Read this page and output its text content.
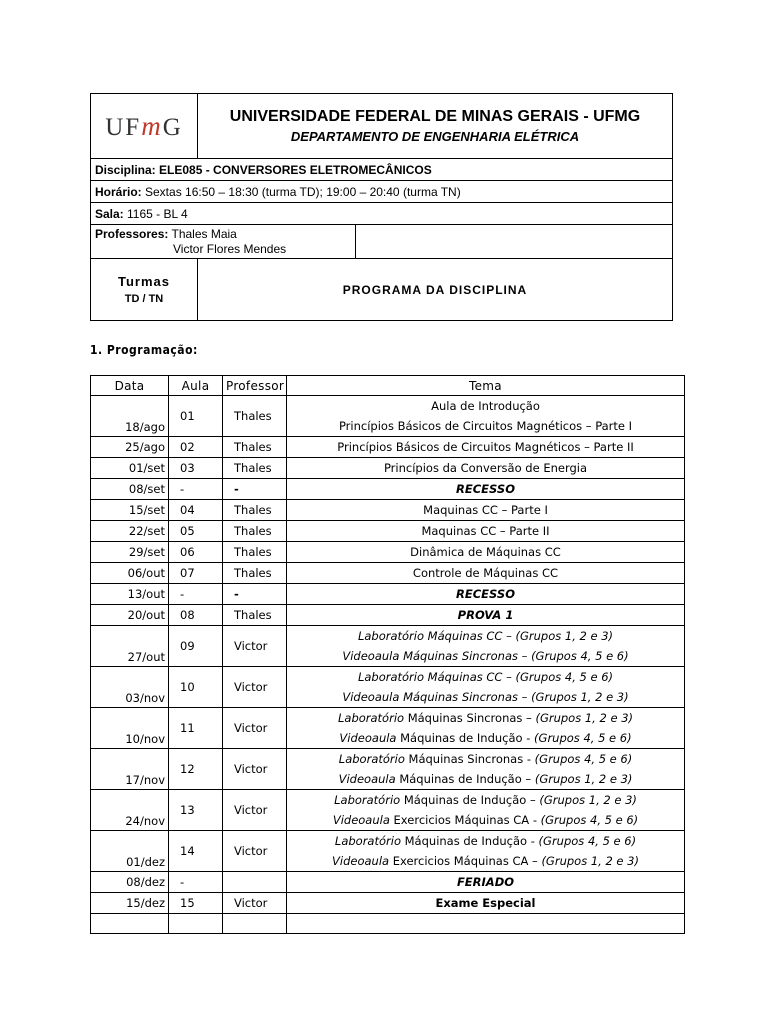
UFmG	UNIVERSIDADE FEDERAL DE MINAS GERAIS - UFMG
DEPARTAMENTO DE ENGENHARIA ELÉTRICA	

Disciplina: ELE085 - CONVERSORES ELETROMECÂNICOS		
Horário: Sextas 16:50 – 18:30 (turma TD); 19:00 – 20:40 (turma TN)		
Sala: 1165 - BL 4		
Professores: Thales Maia
Victor Flores Mendes		

Turmas
TD / TN	PROGRAMA DA DISCIPLINA	
1. Programação:
Data	Aula	Professor	Tema
18/ago	01	Thales	Aula de Introdução
Princípios Básicos de Circuitos Magnéticos – Parte I

25/ago	02	Thales	Princípios Básicos de Circuitos Magnéticos – Parte II

01/set	03	Thales	Princípios da Conversão de Energia

08/set	-	-	RECESSO

15/set	04	Thales	Maquinas CC – Parte I

22/set	05	Thales	Maquinas CC – Parte II

29/set	06	Thales	Dinâmica de Máquinas CC

06/out	07	Thales	Controle de Máquinas CC

13/out	-	-	RECESSO

20/out	08	Thales	PROVA 1

27/out	09	Victor	Laboratório Máquinas CC – (Grupos 1, 2 e 3)
Videoaula Máquinas Sincronas – (Grupos 4, 5 e 6)

03/nov	10	Victor	Laboratório Máquinas CC – (Grupos 4, 5 e 6)
Videoaula Máquinas Sincronas – (Grupos 1, 2 e 3)

10/nov	11	Victor	Laboratório Máquinas Sincronas – (Grupos 1, 2 e 3)
Videoaula Máquinas de Indução - (Grupos 4, 5 e 6)

17/nov	12	Victor	Laboratório Máquinas Sincronas - (Grupos 4, 5 e 6)
Videoaula Máquinas de Indução – (Grupos 1, 2 e 3)

24/nov	13	Victor	Laboratório Máquinas de Indução – (Grupos 1, 2 e 3)
Videoaula Exercicios Máquinas CA - (Grupos 4, 5 e 6)

01/dez	14	Victor	Laboratório Máquinas de Indução - (Grupos 4, 5 e 6)
Videoaula Exercicios Máquinas CA – (Grupos 1, 2 e 3)

08/dez	-		FERIADO

15/dez	15	Victor	Exame Especial
